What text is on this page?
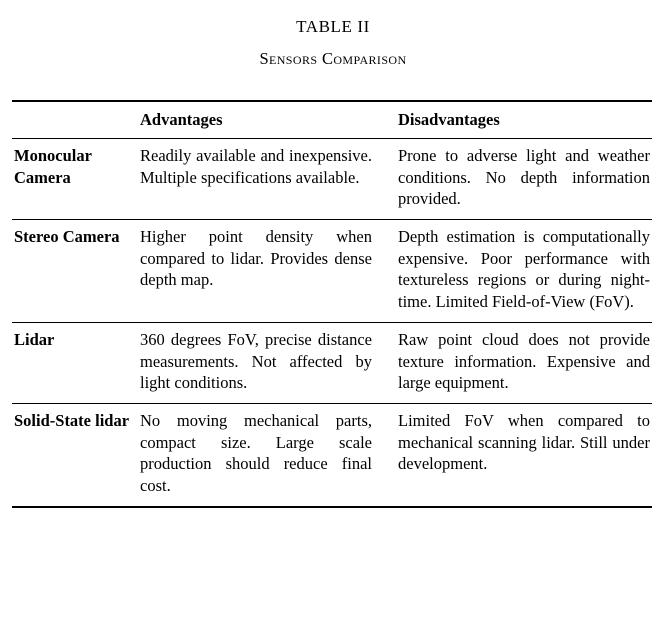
TABLE II
Sensors Comparison

	Advantages	Disadvantages

Monocular Camera	Readily available and inexpensive. Multiple specifications available.	Prone to adverse light and weather conditions. No depth information provided.

Stereo Camera	Higher point density when compared to lidar. Provides dense depth map.	Depth estimation is computationally expensive. Poor performance with textureless regions or during night-time. Limited Field-of-View (FoV).

Lidar	360 degrees FoV, precise distance measurements. Not affected by light conditions.	Raw point cloud does not provide texture information. Expensive and large equipment.

Solid-State lidar	No moving mechanical parts, compact size. Large scale production should reduce final cost.	Limited FoV when compared to mechanical scanning lidar. Still under development.
